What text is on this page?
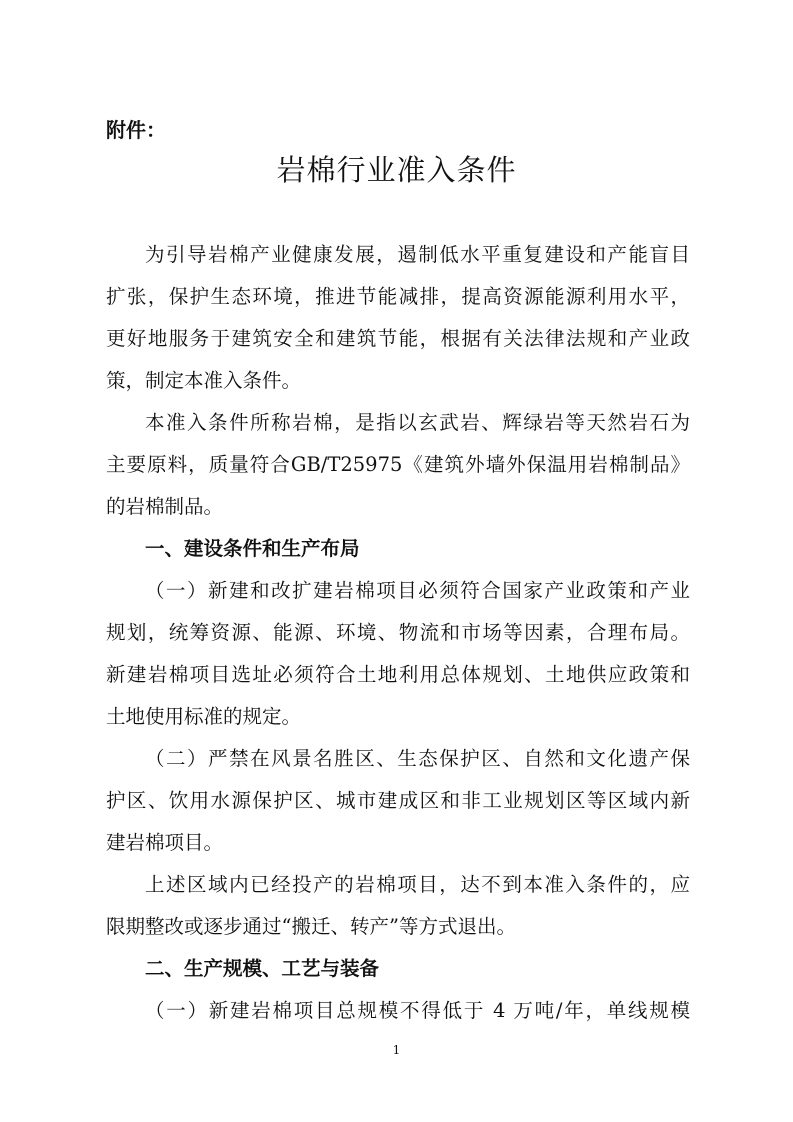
附件：
岩棉行业准入条件
为引导岩棉产业健康发展，遏制低水平重复建设和产能盲目
扩张，保护生态环境，推进节能减排，提高资源能源利用水平，
更好地服务于建筑安全和建筑节能，根据有关法律法规和产业政
策，制定本准入条件。
本准入条件所称岩棉，是指以玄武岩、辉绿岩等天然岩石为
主要原料，质量符合GB/T25975《建筑外墙外保温用岩棉制品》
的岩棉制品。
一、建设条件和生产布局
（一）新建和改扩建岩棉项目必须符合国家产业政策和产业
规划，统筹资源、能源、环境、物流和市场等因素，合理布局。
新建岩棉项目选址必须符合土地利用总体规划、土地供应政策和
土地使用标准的规定。
（二）严禁在风景名胜区、生态保护区、自然和文化遗产保
护区、饮用水源保护区、城市建成区和非工业规划区等区域内新
建岩棉项目。
上述区域内已经投产的岩棉项目，达不到本准入条件的，应
限期整改或逐步通过“搬迁、转产”等方式退出。
二、生产规模、工艺与装备
（一）新建岩棉项目总规模不得低于 4 万吨/年，单线规模
1
